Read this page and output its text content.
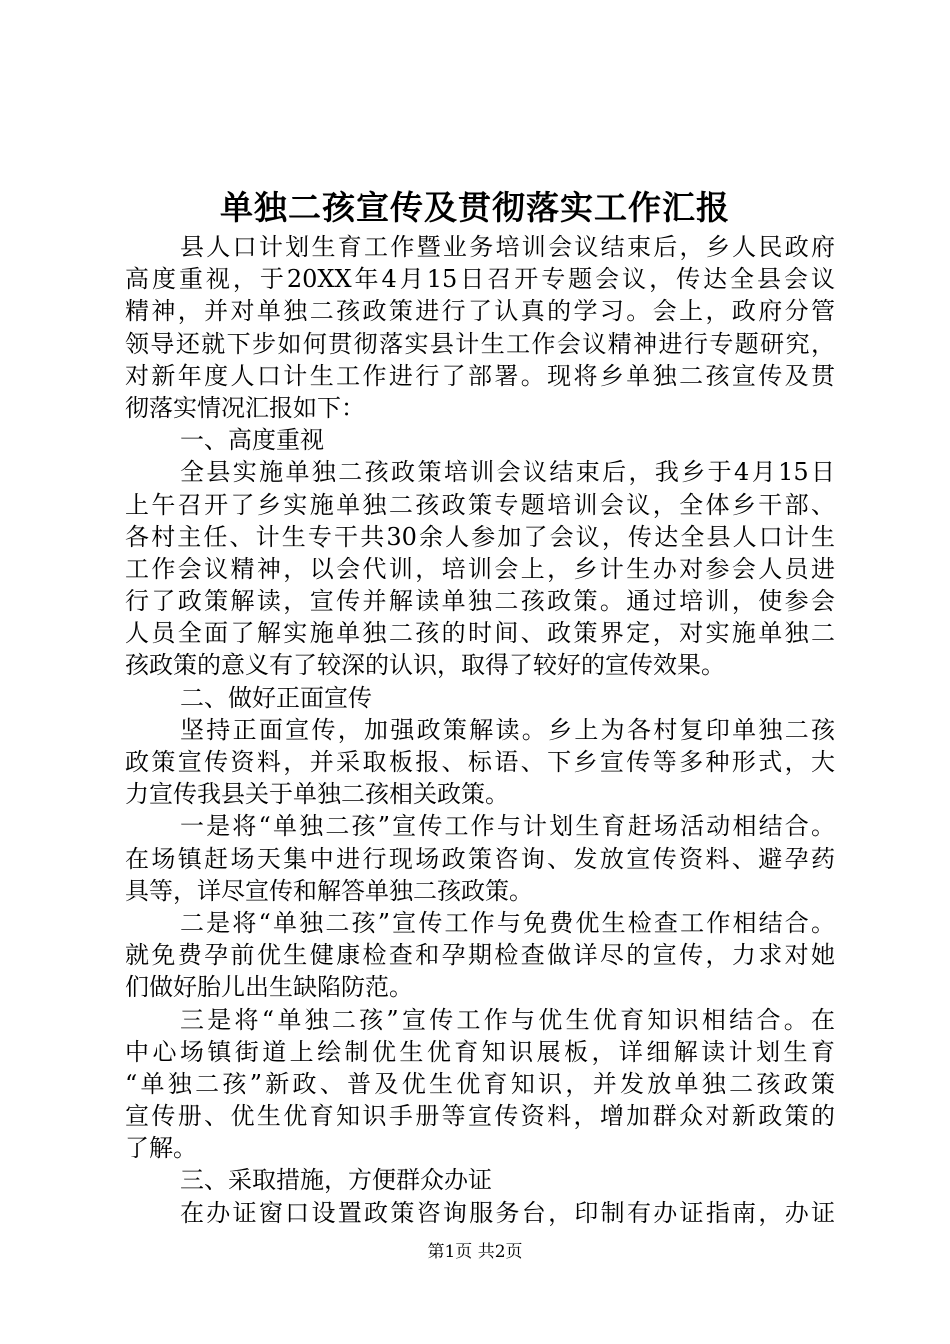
单独二孩宣传及贯彻落实工作汇报
县人口计划生育工作暨业务培训会议结束后，乡人民政府
高度重视，于20XX年4月15日召开专题会议，传达全县会议
精神，并对单独二孩政策进行了认真的学习。会上，政府分管
领导还就下步如何贯彻落实县计生工作会议精神进行专题研究，
对新年度人口计生工作进行了部署。现将乡单独二孩宣传及贯
彻落实情况汇报如下：
一、高度重视
全县实施单独二孩政策培训会议结束后，我乡于4月15日
上午召开了乡实施单独二孩政策专题培训会议，全体乡干部、
各村主任、计生专干共30余人参加了会议，传达全县人口计生
工作会议精神，以会代训，培训会上，乡计生办对参会人员进
行了政策解读，宣传并解读单独二孩政策。通过培训，使参会
人员全面了解实施单独二孩的时间、政策界定，对实施单独二
孩政策的意义有了较深的认识，取得了较好的宣传效果。
二、做好正面宣传
坚持正面宣传，加强政策解读。乡上为各村复印单独二孩
政策宣传资料，并采取板报、标语、下乡宣传等多种形式，大
力宣传我县关于单独二孩相关政策。
一是将“单独二孩”宣传工作与计划生育赶场活动相结合。
在场镇赶场天集中进行现场政策咨询、发放宣传资料、避孕药
具等，详尽宣传和解答单独二孩政策。
二是将“单独二孩”宣传工作与免费优生检查工作相结合。
就免费孕前优生健康检查和孕期检查做详尽的宣传，力求对她
们做好胎儿出生缺陷防范。
三是将“单独二孩”宣传工作与优生优育知识相结合。在
中心场镇街道上绘制优生优育知识展板，详细解读计划生育
“单独二孩”新政、普及优生优育知识，并发放单独二孩政策
宣传册、优生优育知识手册等宣传资料，增加群众对新政策的
了解。
三、采取措施，方便群众办证
在办证窗口设置政策咨询服务台，印制有办证指南，办证
第1页 共2页
